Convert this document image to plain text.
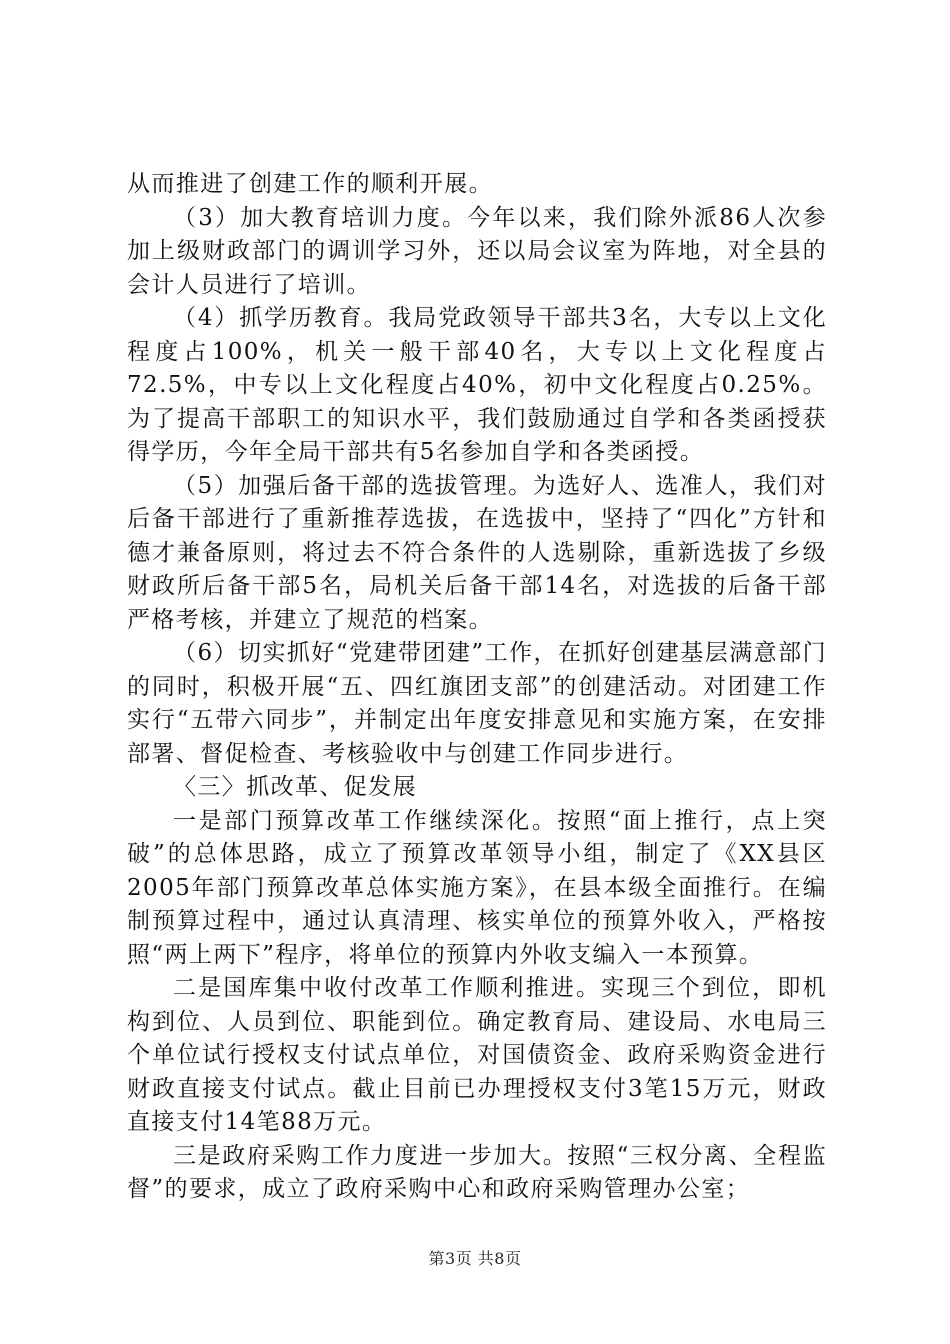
从而推进了创建工作的顺利开展。

（3）加大教育培训力度。今年以来，我们除外派86人次参加上级财政部门的调训学习外，还以局会议室为阵地，对全县的会计人员进行了培训。

（4）抓学历教育。我局党政领导干部共3名，大专以上文化程度占100%，机关一般干部40名，大专以上文化程度占72.5%，中专以上文化程度占40%，初中文化程度占0.25%。为了提高干部职工的知识水平，我们鼓励通过自学和各类函授获得学历，今年全局干部共有5名参加自学和各类函授。

（5）加强后备干部的选拔管理。为选好人、选准人，我们对后备干部进行了重新推荐选拔，在选拔中，坚持了“四化”方针和德才兼备原则，将过去不符合条件的人选剔除，重新选拔了乡级财政所后备干部5名，局机关后备干部14名，对选拔的后备干部严格考核，并建立了规范的档案。

（6）切实抓好“党建带团建”工作，在抓好创建基层满意部门的同时，积极开展“五、四红旗团支部”的创建活动。对团建工作实行“五带六同步”，并制定出年度安排意见和实施方案，在安排部署、督促检查、考核验收中与创建工作同步进行。

〈三〉抓改革、促发展

一是部门预算改革工作继续深化。按照“面上推行，点上突破”的总体思路，成立了预算改革领导小组，制定了《XX县区2005年部门预算改革总体实施方案》，在县本级全面推行。在编制预算过程中，通过认真清理、核实单位的预算外收入，严格按照“两上两下”程序，将单位的预算内外收支编入一本预算。

二是国库集中收付改革工作顺利推进。实现三个到位，即机构到位、人员到位、职能到位。确定教育局、建设局、水电局三个单位试行授权支付试点单位，对国债资金、政府采购资金进行财政直接支付试点。截止目前已办理授权支付3笔15万元，财政直接支付14笔88万元。

三是政府采购工作力度进一步加大。按照“三权分离、全程监督”的要求，成立了政府采购中心和政府采购管理办公室；

第3页 共8页
